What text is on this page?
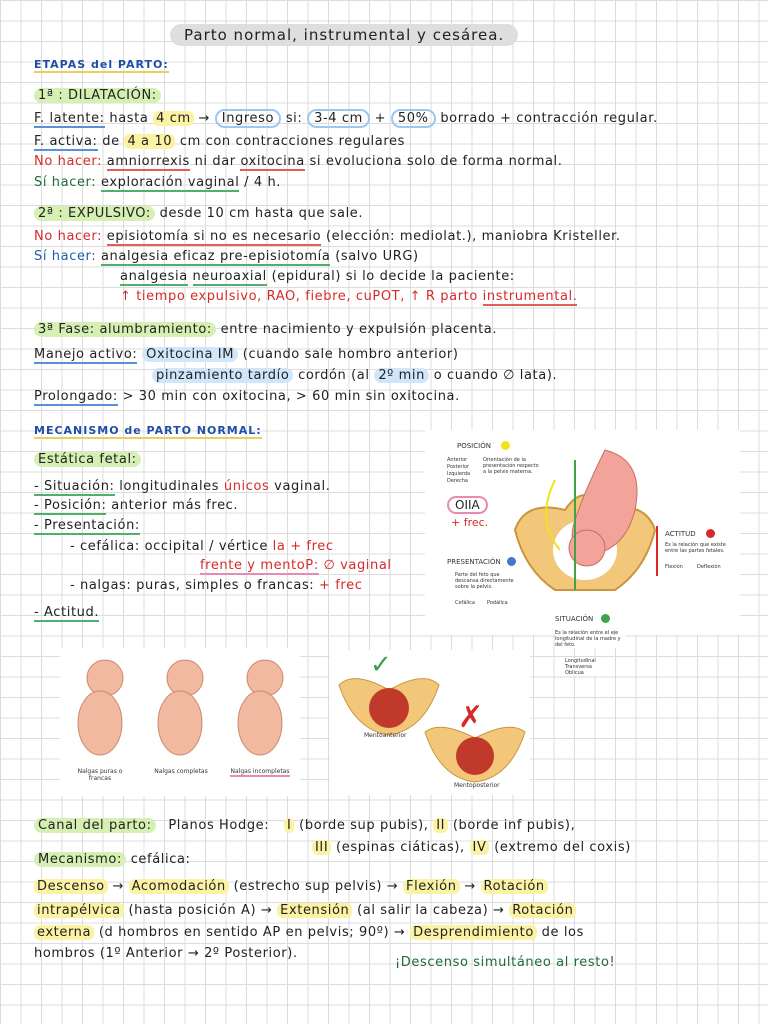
Parto normal, instrumental y cesárea.
ETAPAS del PARTO:
1ª : DILATACIÓN:
F. latente: hasta 4 cm → Ingreso si: 3-4 cm + 50% borrado + contracción regular.
F. activa: de 4 a 10 cm con contracciones regulares
No hacer: amniorrexis ni dar oxitocina si evoluciona solo de forma normal.
Sí hacer: exploración vaginal / 4 h.
2ª : EXPULSIVO: desde 10 cm hasta que sale.
No hacer: episiotomía si no es necesario (elección: mediolat.), maniobra Kristeller.
Sí hacer: analgesia eficaz pre-episiotomía (salvo URG)
analgesia neuroaxial (epidural) si lo decide la paciente:
↑ tiempo expulsivo, RAO, fiebre, cuPOT, ↑ R parto instrumental.
3ª Fase: alumbramiento: entre nacimiento y expulsión placenta.
Manejo activo: Oxitocina IM (cuando sale hombro anterior)
pinzamiento tardío cordón (al 2º min o cuando ∅ lata).
Prolongado: > 30 min con oxitocina, > 60 min sin oxitocina.
MECANISMO de PARTO NORMAL:
Estática fetal:
- Situación: longitudinales únicos vaginal.
- Posición: anterior más frec.
- Presentación:
- cefálica: occipital / vértice la + frec
frente y mentoP: ∅ vaginal
- nalgas: puras, simples o francas: + frec
- Actitud.
POSICIÓN
Anterior
Posterior
Izquierda
Derecha
Orientación de la presentación respecto a la pelvis materna.
OIIA
+ frec.
PRESENTACIÓN
Parte del feto que descansa directamente sobre la pelvis.
Cefálica Podálica
ACTITUD
Es la relación que existe entre las partes fetales.
Flexión	Deflexión
SITUACIÓN
Es la relación entre el eje longitudinal de la madre y del feto.
Longitudinal
Transversa
Oblicua
Nalgas puras o francas
Nalgas completas	Nalgas incompletas
✓
Mentoanterior
✗
Mentoposterior
Canal del parto: Planos Hodge: I (borde sup pubis), II (borde inf pubis),
III (espinas ciáticas), IV (extremo del coxis)
Mecanismo: cefálica:
Descenso → Acomodación (estrecho sup pelvis) → Flexión → Rotación
intrapélvica (hasta posición A) → Extensión (al salir la cabeza) → Rotación
externa (d hombros en sentido AP en pelvis; 90º) → Desprendimiento de los
hombros (1º Anterior → 2º Posterior).
¡Descenso simultáneo al resto!
